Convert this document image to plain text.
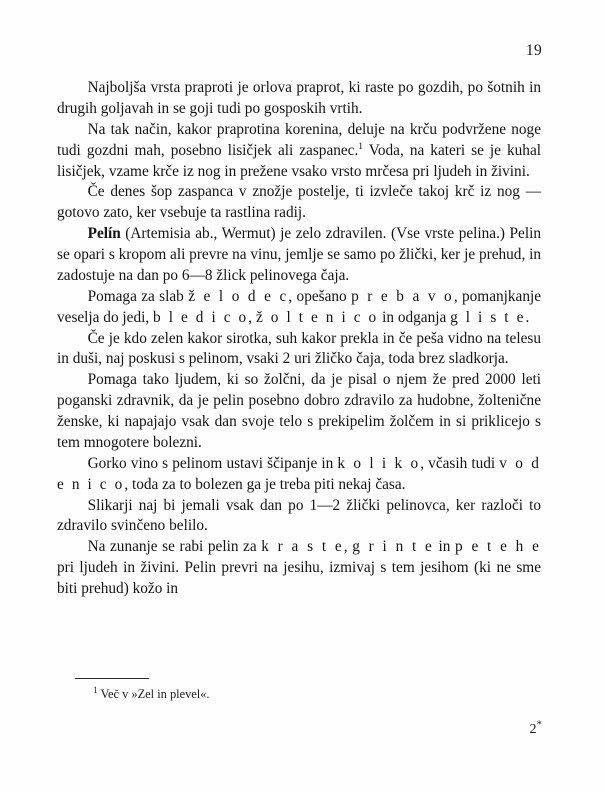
19

Najboljša vrsta praproti je orlova praprot, ki raste po gozdih, po šotnih in drugih goljavah in se goji tudi po gosposkih vrtih.

Na tak način, kakor praprotina korenina, deluje na krču podvržene noge tudi gozdni mah, posebno lisičjek ali zaspanec.$^1$ Voda, na kateri se je kuhal lisičjek, vzame krče iz nog in prežene vsako vrsto mrčesa pri ljudeh in živini.

Če denes šop zaspanca v znožje postelje, ti izvleče takoj krč iz nog — gotovo zato, ker vsebuje ta rastlina radij.

Pelín (Artemisia ab., Wermut) je zelo zdravilen. (Vse vrste pelina.) Pelin se opari s kropom ali prevre na vinu, jemlje se samo po žlički, ker je prehud, in zadostuje na dan po 6—8 žlick pelinovega čaja.

Pomaga za slab ž e l o d e c, opešano p r e b a v o, pomanjkanje veselja do jedi, b l e d i c o, ž o l t e n i c o in odganja g l i s t e.

Če je kdo zelen kakor sirotka, suh kakor prekla in če peša vidno na telesu in duši, naj poskusi s pelinom, vsaki 2 uri žličko čaja, toda brez sladkorja.

Pomaga tako ljudem, ki so žolčni, da je pisal o njem že pred 2000 leti poganski zdravnik, da je pelin posebno dobro zdravilo za hudobne, žoltenične ženske, ki napajajo vsak dan svoje telo s prekipelim žolčem in si priklicejo s tem mnogotere bolezni.

Gorko vino s pelinom ustavi ščipanje in k o l i k o, včasih tudi v o d e n i c o, toda za to bolezen ga je treba piti nekaj časa.

Slikarji naj bi jemali vsak dan po 1—2 žlički pelinovca, ker razloči to zdravilo svinčeno belilo.

Na zunanje se rabi pelin za k r a s t e, g r i n t e in p e t e h e pri ljudeh in živini. Pelin prevri na jesihu, izmivaj s tem jesihom (ki ne sme biti prehud) kožo in

$^1$ Več v »Zel in plevel«.
2*
